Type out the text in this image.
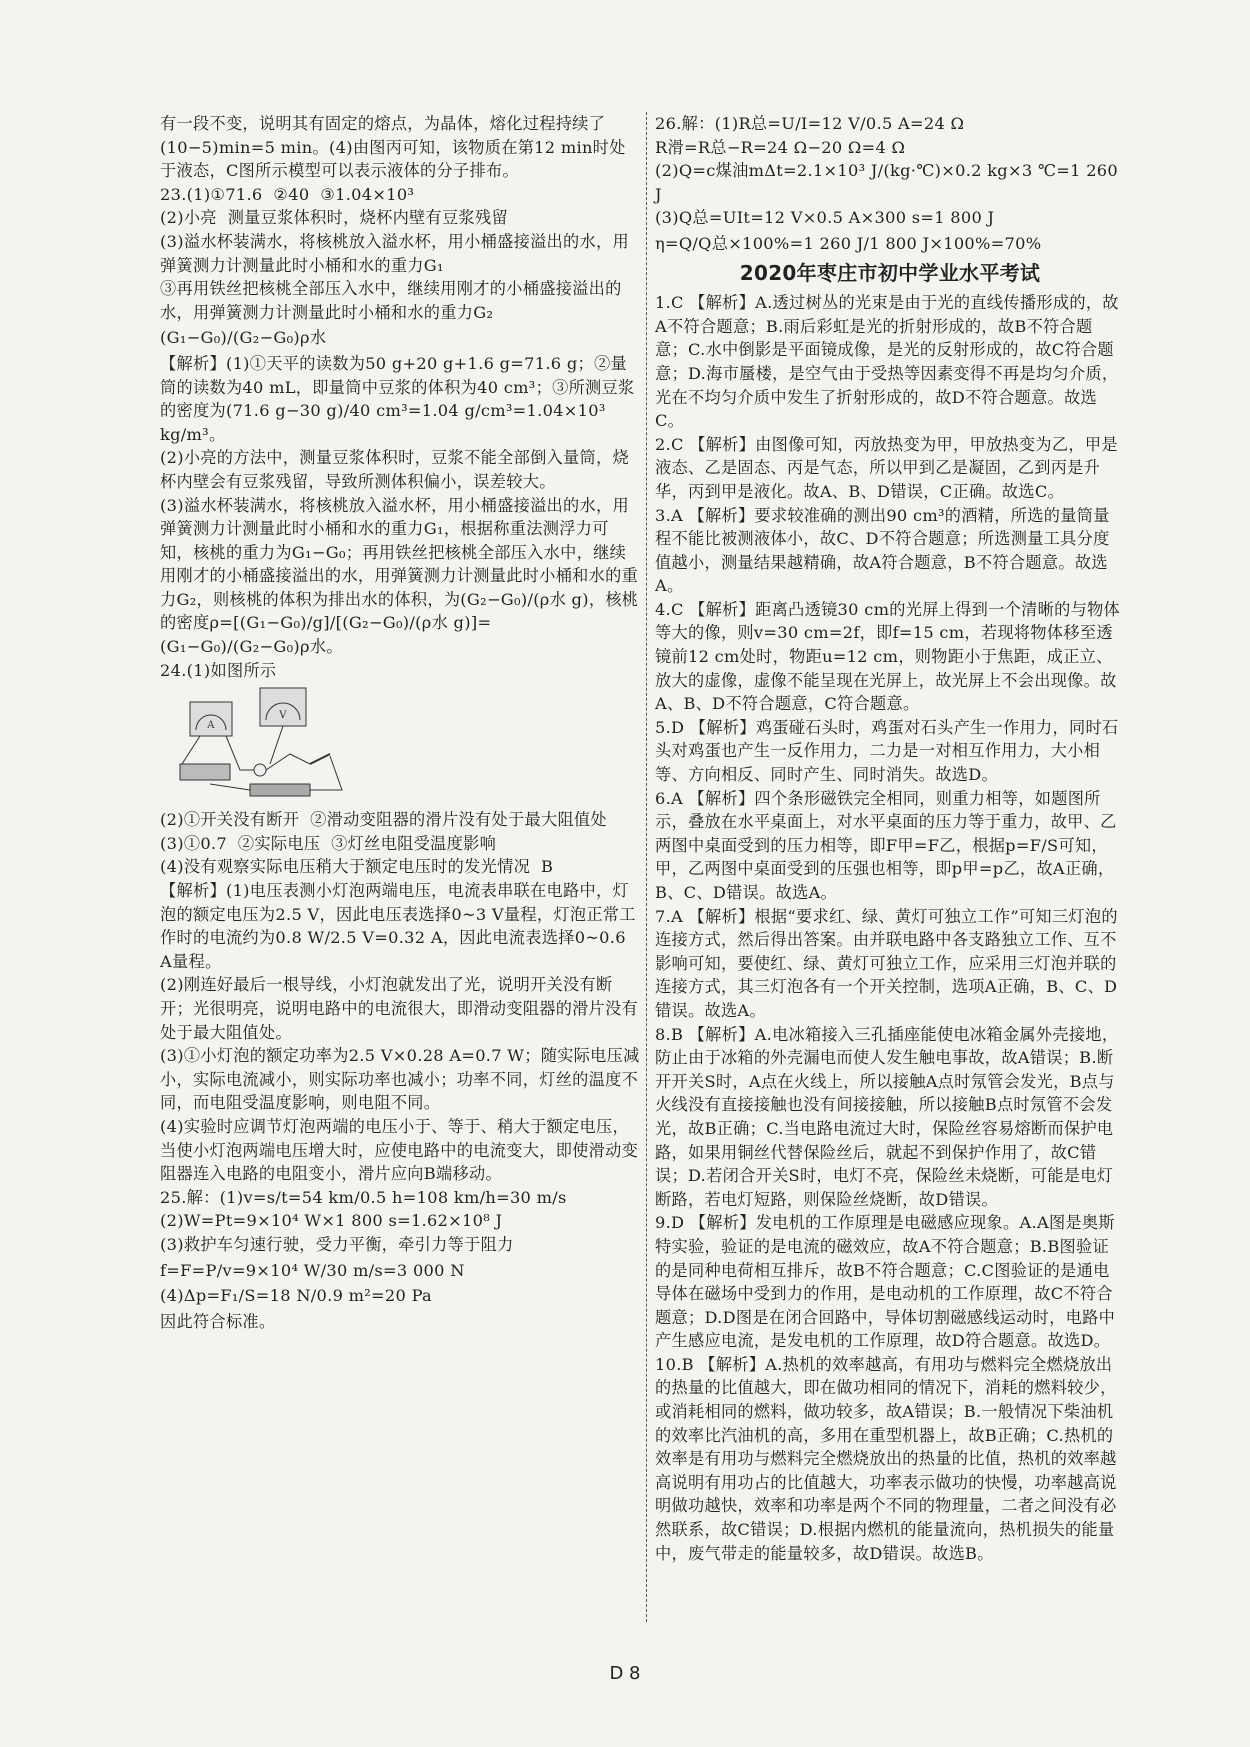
有一段不变，说明其有固定的熔点，为晶体，熔化过程持续了(10−5)min=5 min。(4)由图丙可知，该物质在第12 min时处于液态，C图所示模型可以表示液体的分子排布。

23.(1)①71.6  ②40  ③1.04×10³

(2)小亮  测量豆浆体积时，烧杯内壁有豆浆残留

(3)溢水杯装满水，将核桃放入溢水杯，用小桶盛接溢出的水，用弹簧测力计测量此时小桶和水的重力G₁

③再用铁丝把核桃全部压入水中，继续用刚才的小桶盛接溢出的水，用弹簧测力计测量此时小桶和水的重力G₂

(G₁−G₀)/(G₂−G₀)ρ水

【解析】(1)①天平的读数为50 g+20 g+1.6 g=71.6 g；②量筒的读数为40 mL，即量筒中豆浆的体积为40 cm³；③所测豆浆的密度为(71.6 g−30 g)/40 cm³=1.04 g/cm³=1.04×10³ kg/m³。

(2)小亮的方法中，测量豆浆体积时，豆浆不能全部倒入量筒，烧杯内壁会有豆浆残留，导致所测体积偏小，误差较大。

(3)溢水杯装满水，将核桃放入溢水杯，用小桶盛接溢出的水，用弹簧测力计测量此时小桶和水的重力G₁，根据称重法测浮力可知，核桃的重力为G₁−G₀；再用铁丝把核桃全部压入水中，继续用刚才的小桶盛接溢出的水，用弹簧测力计测量此时小桶和水的重力G₂，则核桃的体积为排出水的体积，为(G₂−G₀)/(ρ水 g)，核桃的密度ρ=[(G₁−G₀)/g]/[(G₂−G₀)/(ρ水 g)]=(G₁−G₀)/(G₂−G₀)ρ水。

24.(1)如图所示

A
V

(2)①开关没有断开  ②滑动变阻器的滑片没有处于最大阻值处

(3)①0.7  ②实际电压  ③灯丝电阻受温度影响

(4)没有观察实际电压稍大于额定电压时的发光情况  B

【解析】(1)电压表测小灯泡两端电压，电流表串联在电路中，灯泡的额定电压为2.5 V，因此电压表选择0~3 V量程，灯泡正常工作时的电流约为0.8 W/2.5 V=0.32 A，因此电流表选择0~0.6 A量程。

(2)刚连好最后一根导线，小灯泡就发出了光，说明开关没有断开；光很明亮，说明电路中的电流很大，即滑动变阻器的滑片没有处于最大阻值处。

(3)①小灯泡的额定功率为2.5 V×0.28 A=0.7 W；随实际电压减小，实际电流减小，则实际功率也减小；功率不同，灯丝的温度不同，而电阻受温度影响，则电阻不同。

(4)实验时应调节灯泡两端的电压小于、等于、稍大于额定电压，当使小灯泡两端电压增大时，应使电路中的电流变大，即使滑动变阻器连入电路的电阻变小，滑片应向B端移动。

25.解：(1)v=s/t=54 km/0.5 h=108 km/h=30 m/s

(2)W=Pt=9×10⁴ W×1 800 s=1.62×10⁸ J

(3)救护车匀速行驶，受力平衡，牵引力等于阻力

f=F=P/v=9×10⁴ W/30 m/s=3 000 N

(4)Δp=F₁/S=18 N/0.9 m²=20 Pa

因此符合标准。

26.解：(1)R总=U/I=12 V/0.5 A=24 Ω

R滑=R总−R=24 Ω−20 Ω=4 Ω

(2)Q=c煤油mΔt=2.1×10³ J/(kg·℃)×0.2 kg×3 ℃=1 260 J

(3)Q总=UIt=12 V×0.5 A×300 s=1 800 J

η=Q/Q总×100%=1 260 J/1 800 J×100%=70%

2020年枣庄市初中学业水平考试

1.C 【解析】A.透过树丛的光束是由于光的直线传播形成的，故A不符合题意；B.雨后彩虹是光的折射形成的，故B不符合题意；C.水中倒影是平面镜成像，是光的反射形成的，故C符合题意；D.海市蜃楼，是空气由于受热等因素变得不再是均匀介质，光在不均匀介质中发生了折射形成的，故D不符合题意。故选C。

2.C 【解析】由图像可知，丙放热变为甲，甲放热变为乙，甲是液态、乙是固态、丙是气态，所以甲到乙是凝固，乙到丙是升华，丙到甲是液化。故A、B、D错误，C正确。故选C。

3.A 【解析】要求较准确的测出90 cm³的酒精，所选的量筒量程不能比被测液体小，故C、D不符合题意；所选测量工具分度值越小，测量结果越精确，故A符合题意，B不符合题意。故选A。

4.C 【解析】距离凸透镜30 cm的光屏上得到一个清晰的与物体等大的像，则v=30 cm=2f，即f=15 cm，若现将物体移至透镜前12 cm处时，物距u=12 cm，则物距小于焦距，成正立、放大的虚像，虚像不能呈现在光屏上，故光屏上不会出现像。故A、B、D不符合题意，C符合题意。

5.D 【解析】鸡蛋碰石头时，鸡蛋对石头产生一作用力，同时石头对鸡蛋也产生一反作用力，二力是一对相互作用力，大小相等、方向相反、同时产生、同时消失。故选D。

6.A 【解析】四个条形磁铁完全相同，则重力相等，如题图所示，叠放在水平桌面上，对水平桌面的压力等于重力，故甲、乙两图中桌面受到的压力相等，即F甲=F乙，根据p=F/S可知，甲，乙两图中桌面受到的压强也相等，即p甲=p乙，故A正确，B、C、D错误。故选A。

7.A 【解析】根据“要求红、绿、黄灯可独立工作”可知三灯泡的连接方式，然后得出答案。由并联电路中各支路独立工作、互不影响可知，要使红、绿、黄灯可独立工作，应采用三灯泡并联的连接方式，其三灯泡各有一个开关控制，选项A正确，B、C、D错误。故选A。

8.B 【解析】A.电冰箱接入三孔插座能使电冰箱金属外壳接地，防止由于冰箱的外壳漏电而使人发生触电事故，故A错误；B.断开开关S时，A点在火线上，所以接触A点时氖管会发光，B点与火线没有直接接触也没有间接接触，所以接触B点时氖管不会发光，故B正确；C.当电路电流过大时，保险丝容易熔断而保护电路，如果用铜丝代替保险丝后，就起不到保护作用了，故C错误；D.若闭合开关S时，电灯不亮，保险丝未烧断，可能是电灯断路，若电灯短路，则保险丝烧断，故D错误。

9.D 【解析】发电机的工作原理是电磁感应现象。A.A图是奥斯特实验，验证的是电流的磁效应，故A不符合题意；B.B图验证的是同种电荷相互排斥，故B不符合题意；C.C图验证的是通电导体在磁场中受到力的作用，是电动机的工作原理，故C不符合题意；D.D图是在闭合回路中，导体切割磁感线运动时，电路中产生感应电流，是发电机的工作原理，故D符合题意。故选D。

10.B 【解析】A.热机的效率越高，有用功与燃料完全燃烧放出的热量的比值越大，即在做功相同的情况下，消耗的燃料较少，或消耗相同的燃料，做功较多，故A错误；B.一般情况下柴油机的效率比汽油机的高，多用在重型机器上，故B正确；C.热机的效率是有用功与燃料完全燃烧放出的热量的比值，热机的效率越高说明有用功占的比值越大，功率表示做功的快慢，功率越高说明做功越快，效率和功率是两个不同的物理量，二者之间没有必然联系，故C错误；D.根据内燃机的能量流向，热机损失的能量中，废气带走的能量较多，故D错误。故选B。

D 8
